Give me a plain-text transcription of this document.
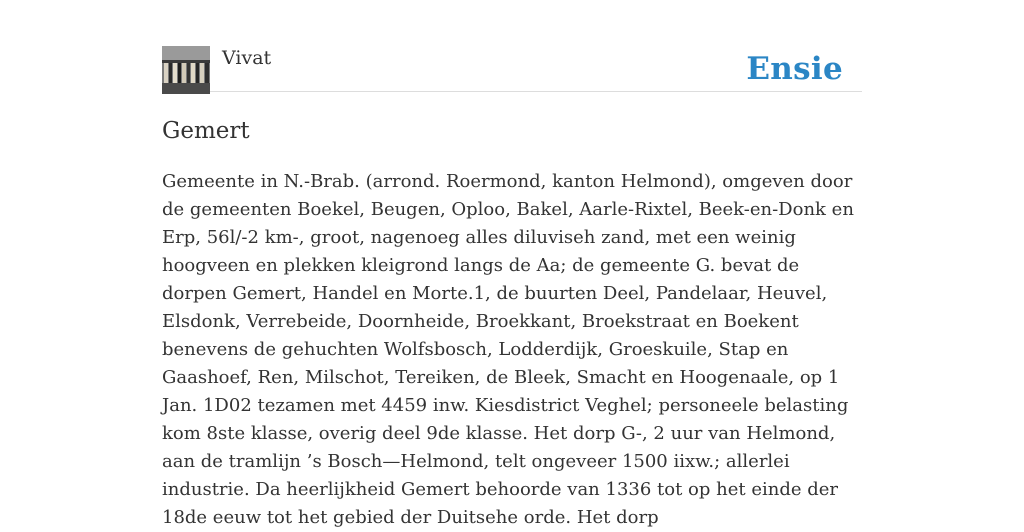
Vivat	Ensie
Gemert

Gemeente in N.-Brab. (arrond. Roermond, kanton Helmond), omgeven door de gemeenten Boekel, Beugen, Oploo, Bakel, Aarle-Rixtel, Beek-en-Donk en Erp, 56l/-2 km-, groot, nagenoeg alles diluviseh zand, met een weinig hoogveen en plekken kleigrond langs de Aa; de gemeente G. bevat de dorpen Gemert, Handel en Morte.1, de buurten Deel, Pandelaar, Heuvel, Elsdonk, Verrebeide, Doornheide, Broekkant, Broekstraat en Boekent benevens de gehuchten Wolfsbosch, Lodderdijk, Groeskuile, Stap en Gaashoef, Ren, Milschot, Tereiken, de Bleek, Smacht en Hoogenaale, op 1 Jan. 1D02 tezamen met 4459 inw. Kiesdistrict Veghel; personeele belasting kom 8ste klasse, overig deel 9de klasse. Het dorp G-, 2 uur van Helmond, aan de tramlijn ’s Bosch—Helmond, telt ongeveer 1500 iixw.; allerlei industrie. Da heerlijkheid Gemert behoorde van 1336 tot op het einde der 18de eeuw tot het gebied der Duitsehe orde. Het dorp
